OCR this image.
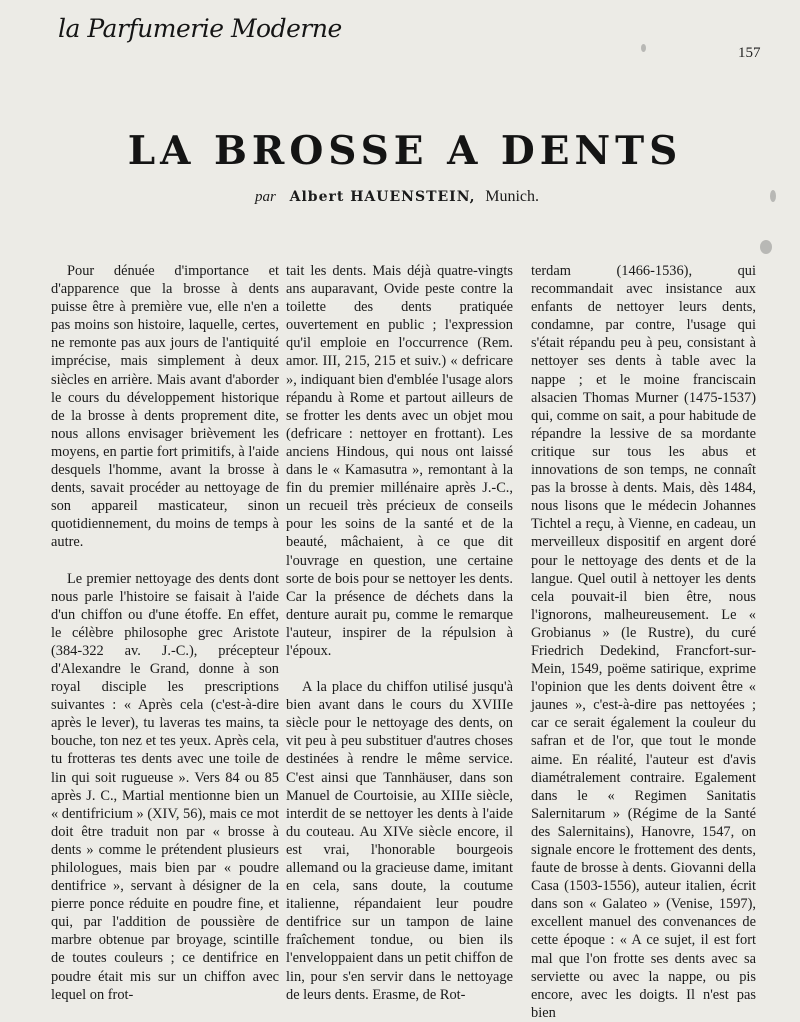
la Parfumerie Moderne
157
LA BROSSE A DENTS
par Albert HAUENSTEIN, Munich.

Pour dénuée d'importance et d'apparence que la brosse à dents puisse être à première vue, elle n'en a pas moins son histoire, laquelle, certes, ne remonte pas aux jours de l'antiquité imprécise, mais simplement à deux siècles en arrière. Mais avant d'aborder le cours du développement historique de la brosse à dents proprement dite, nous allons envisager brièvement les moyens, en partie fort primitifs, à l'aide desquels l'homme, avant la brosse à dents, savait procéder au nettoyage de son appareil masticateur, sinon quotidiennement, du moins de temps à autre.

Le premier nettoyage des dents dont nous parle l'histoire se faisait à l'aide d'un chiffon ou d'une étoffe. En effet, le célèbre philosophe grec Aristote (384-322 av. J.-C.), précepteur d'Alexandre le Grand, donne à son royal disciple les prescriptions suivantes : « Après cela (c'est-à-dire après le lever), tu laveras tes mains, ta bouche, ton nez et tes yeux. Après cela, tu frotteras tes dents avec une toile de lin qui soit rugueuse ». Vers 84 ou 85 après J. C., Martial mentionne bien un « dentifricium » (XIV, 56), mais ce mot doit être traduit non par « brosse à dents » comme le prétendent plusieurs philologues, mais bien par « poudre dentifrice », servant à désigner de la pierre ponce réduite en poudre fine, et qui, par l'addition de poussière de marbre obtenue par broyage, scintille de toutes couleurs ; ce dentifrice en poudre était mis sur un chiffon avec lequel on frot-

tait les dents. Mais déjà quatre-vingts ans auparavant, Ovide peste contre la toilette des dents pratiquée ouvertement en public ; l'expression qu'il emploie en l'occurrence (Rem. amor. III, 215, 215 et suiv.) « defricare », indiquant bien d'emblée l'usage alors répandu à Rome et partout ailleurs de se frotter les dents avec un objet mou (defricare : nettoyer en frottant). Les anciens Hindous, qui nous ont laissé dans le « Kamasutra », remontant à la fin du premier millénaire après J.-C., un recueil très précieux de conseils pour les soins de la santé et de la beauté, mâchaient, à ce que dit l'ouvrage en question, une certaine sorte de bois pour se nettoyer les dents. Car la présence de déchets dans la denture aurait pu, comme le remarque l'auteur, inspirer de la répulsion à l'époux.

A la place du chiffon utilisé jusqu'à bien avant dans le cours du XVIIIe siècle pour le nettoyage des dents, on vit peu à peu substituer d'autres choses destinées à rendre le même service. C'est ainsi que Tannhäuser, dans son Manuel de Courtoisie, au XIIIe siècle, interdit de se nettoyer les dents à l'aide du couteau. Au XIVe siècle encore, il est vrai, l'honorable bourgeois allemand ou la gracieuse dame, imitant en cela, sans doute, la coutume italienne, répandaient leur poudre dentifrice sur un tampon de laine fraîchement tondue, ou bien ils l'enveloppaient dans un petit chiffon de lin, pour s'en servir dans le nettoyage de leurs dents. Erasme, de Rot-

terdam (1466-1536), qui recommandait avec insistance aux enfants de nettoyer leurs dents, condamne, par contre, l'usage qui s'était répandu peu à peu, consistant à nettoyer ses dents à table avec la nappe ; et le moine franciscain alsacien Thomas Murner (1475-1537) qui, comme on sait, a pour habitude de répandre la lessive de sa mordante critique sur tous les abus et innovations de son temps, ne connaît pas la brosse à dents. Mais, dès 1484, nous lisons que le médecin Johannes Tichtel a reçu, à Vienne, en cadeau, un merveilleux dispositif en argent doré pour le nettoyage des dents et de la langue. Quel outil à nettoyer les dents cela pouvait-il bien être, nous l'ignorons, malheureusement. Le « Grobianus » (le Rustre), du curé Friedrich Dedekind, Francfort-sur-Mein, 1549, poëme satirique, exprime l'opinion que les dents doivent être « jaunes », c'est-à-dire pas nettoyées ; car ce serait également la couleur du safran et de l'or, que tout le monde aime. En réalité, l'auteur est d'avis diamétralement contraire. Egalement dans le « Regimen Sanitatis Salernitarum » (Régime de la Santé des Salernitains), Hanovre, 1547, on signale encore le frottement des dents, faute de brosse à dents. Giovanni della Casa (1503-1556), auteur italien, écrit dans son « Galateo » (Venise, 1597), excellent manuel des convenances de cette époque : « A ce sujet, il est fort mal que l'on frotte ses dents avec sa serviette ou avec la nappe, ou pis encore, avec les doigts. Il n'est pas bien
